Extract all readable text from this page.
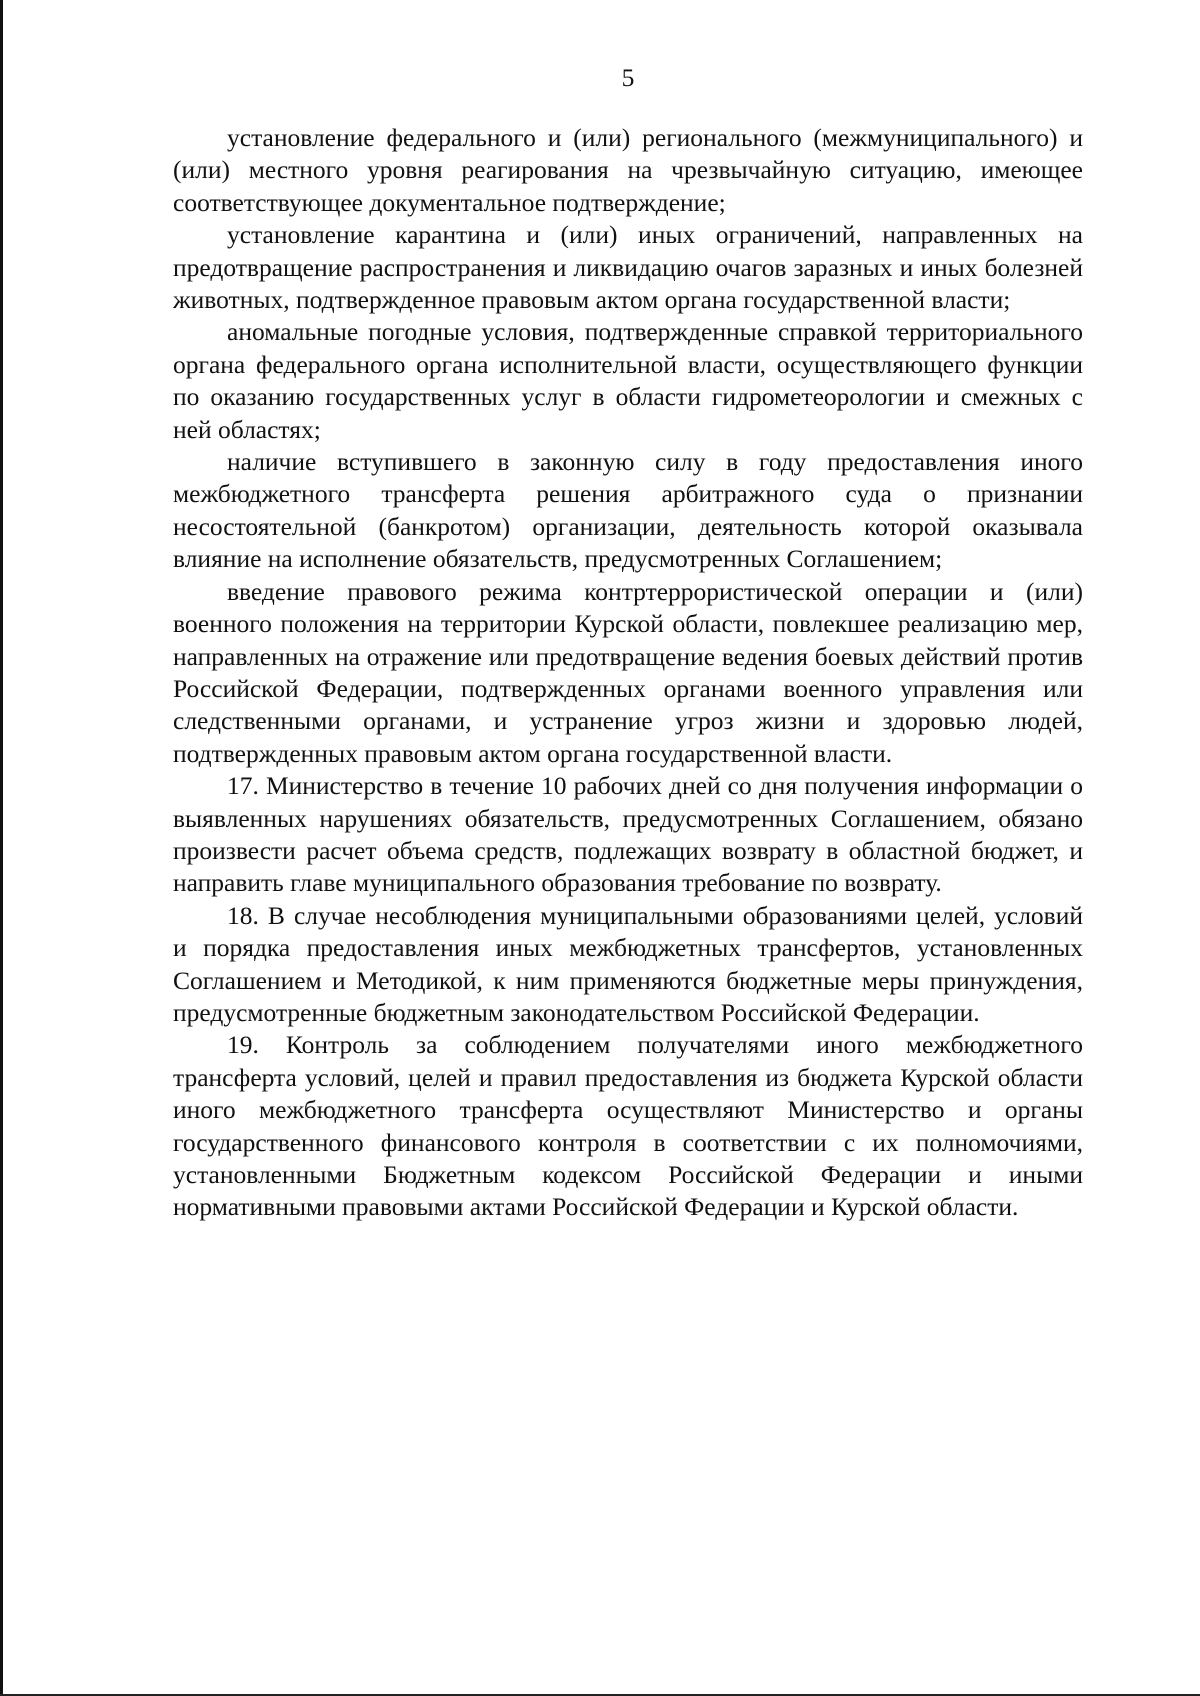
5

установление федерального и (или) регионального (межмуниципального) и (или) местного уровня реагирования на чрезвычайную ситуацию, имеющее соответствующее документальное подтверждение;

установление карантина и (или) иных ограничений, направленных на предотвращение распространения и ликвидацию очагов заразных и иных болезней животных, подтвержденное правовым актом органа государственной власти;

аномальные погодные условия, подтвержденные справкой территориального органа федерального органа исполнительной власти, осуществляющего функции по оказанию государственных услуг в области гидрометеорологии и смежных с ней областях;

наличие вступившего в законную силу в году предоставления иного межбюджетного трансферта решения арбитражного суда о признании несостоятельной (банкротом) организации, деятельность которой оказывала влияние на исполнение обязательств, предусмотренных Соглашением;

введение правового режима контртеррористической операции и (или) военного положения на территории Курской области, повлекшее реализацию мер, направленных на отражение или предотвращение ведения боевых действий против Российской Федерации, подтвержденных органами военного управления или следственными органами, и устранение угроз жизни и здоровью людей, подтвержденных правовым актом органа государственной власти.

17. Министерство в течение 10 рабочих дней со дня получения информации о выявленных нарушениях обязательств, предусмотренных Соглашением, обязано произвести расчет объема средств, подлежащих возврату в областной бюджет, и направить главе муниципального образования требование по возврату.

18. В случае несоблюдения муниципальными образованиями целей, условий и порядка предоставления иных межбюджетных трансфертов, установленных Соглашением и Методикой, к ним применяются бюджетные меры принуждения, предусмотренные бюджетным законодательством Российской Федерации.

19. Контроль за соблюдением получателями иного межбюджетного трансферта условий, целей и правил предоставления из бюджета Курской области иного межбюджетного трансферта осуществляют Министерство и органы государственного финансового контроля в соответствии с их полномочиями, установленными Бюджетным кодексом Российской Федерации и иными нормативными правовыми актами Российской Федерации и Курской области.
